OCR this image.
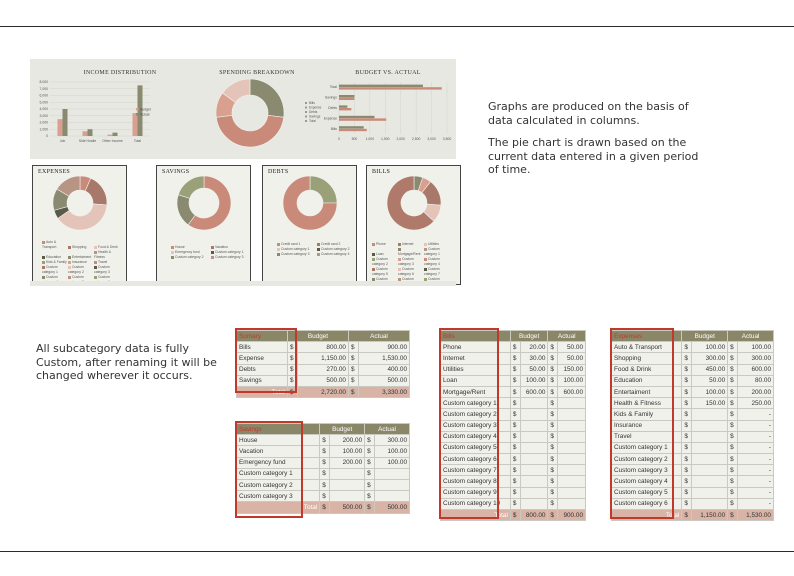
INCOME DISTRIBUTION	SPENDING BREAKDOWN	BUDGET VS. ACTUAL
0
1,000
2,000
3,000
4,000
5,000
6,000
7,000
8,000
Job	Side Hustle Other Income	Total
Budget
Actual
0	500 1,000 1,500 2,000 2,500 3,000 3,500
Total
Savings
Debts
Expense
Bills
Bills
Expense
Debts
Savings
Total
EXPENSES	SAVINGS	DEBTS	BILLS
Auto & Transport	Shopping	Food & DrinkEducation	EntertaimentHealth & FitnessKids & Family Insurance	TravelCustom category 1Custom category 2Custom category 3Custom	Custom	Custom
House	VacationEmergency fund	Custom category 1Custom category 2	Custom category 3
Credit card 1	Credit card 2Custom category 1	Custom category 2Custom category 3	Custom category 4
Phone	Internet	UtilitiesLoan	Mortgage/RentCustom category 1Custom category 2Custom category 3Custom category 4Custom category 5Custom category 6Custom category 7Custom	Custom	Custom
Graphs are produced on the basis of
data calculated in columns.
The pie chart is drawn based on the
current data entered in a given period
of time.
All subcategory data is fully
Custom, after renaming it will be
changed wherever it occurs.
Sumary	Budget		Actual	
Bills	$	800.00	$	900.00
Expense	$	1,150.00	$	1,530.00
Debts	$	270.00	$	400.00
Savings	$	500.00	$	500.00
Total	$	2,720.00	$	3,330.00
Savings	Budget		Actual	
House	$	200.00	$	300.00
Vacation	$	100.00	$	100.00
Emergency fund	$	200.00	$	100.00
Custom category 1	$		$	
Custom category 2	$		$	
Custom category 3	$		$	
Total	$	500.00	$	500.00
Bills	Budget		Actual	
Phone	$	20.00	$	50.00
Internet	$	30.00	$	50.00
Utilities	$	50.00	$	150.00
Loan	$	100.00	$	100.00
Mortgage/Rent	$	600.00	$	600.00
Custom category 1	$		$	
Custom category 2	$		$	
Custom category 3	$		$	
Custom category 4	$		$	
Custom category 5	$		$	
Custom category 6	$		$	
Custom category 7	$		$	
Custom category 8	$		$	
Custom category 9	$		$	
Custom category 10	$		$	
Total	$	800.00	$	900.00
Expenses	Budget		Actual	
Auto & Transport	$	100.00	$	100.00
Shopping	$	300.00	$	300.00
Food & Drink	$	450.00	$	600.00
Education	$	50.00	$	80.00
Entertaiment	$	100.00	$	200.00
Health & Fitness	$	150.00	$	250.00
Kids & Family	$		$	-
Insurance	$		$	-
Travel	$		$	-
Custom category 1	$		$	-
Custom category 2	$		$	-
Custom category 3	$		$	-
Custom category 4	$		$	-
Custom category 5	$		$	-
Custom category 6	$		$	-
Total	$	1,150.00	$	1,530.00
